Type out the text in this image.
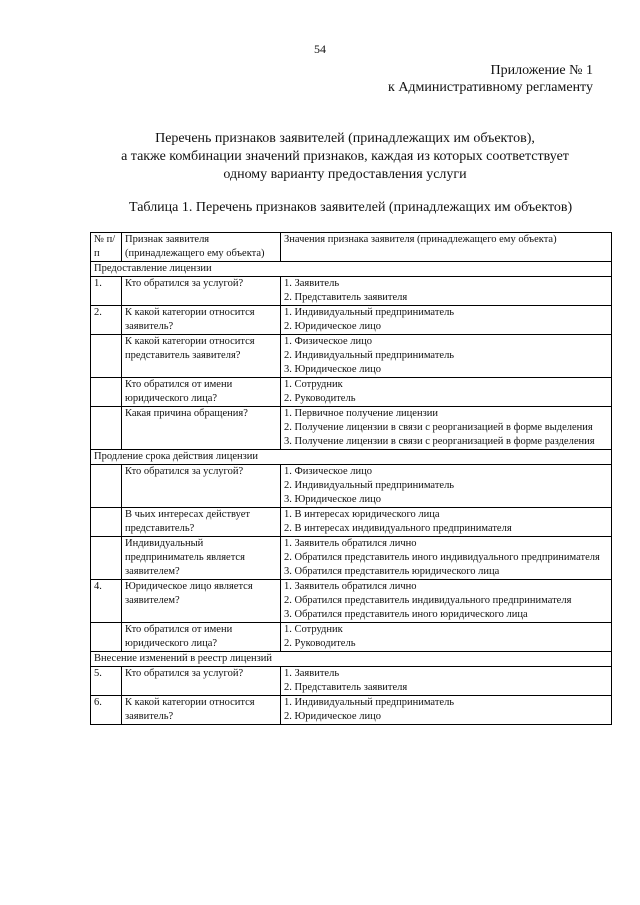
54
Приложение № 1
к Административному регламенту
Перечень признаков заявителей (принадлежащих им объектов),
а также комбинации значений признаков, каждая из которых соответствует
одному варианту предоставления услуги
Таблица 1. Перечень признаков заявителей (принадлежащих им объектов)
№ п/п	Признак заявителя (принадлежащего ему объекта)	Значения признака заявителя (принадлежащего ему объекта)
Предоставление лицензии		
1.	Кто обратился за услугой?	1. Заявитель
2. Представитель заявителя

2.	К какой категории относится заявитель?	1. Индивидуальный предприниматель
2. Юридическое лицо

	К какой категории относится представитель заявителя?	1. Физическое лицо
2. Индивидуальный предприниматель
3. Юридическое лицо

	Кто обратился от имени юридического лица?	1. Сотрудник
2. Руководитель

	Какая причина обращения?	1. Первичное получение лицензии
2. Получение лицензии в связи с реорганизацией в форме выделения
3. Получение лицензии в связи с реорганизацией в форме разделения

Продление срока действия лицензии		
	Кто обратился за услугой?	1. Физическое лицо
2. Индивидуальный предприниматель
3. Юридическое лицо

	В чьих интересах действует представитель?	1. В интересах юридического лица
2. В интересах индивидуального предпринимателя

	Индивидуальный предприниматель является заявителем?	1. Заявитель обратился лично
2. Обратился представитель иного индивидуального предпринимателя
3. Обратился представитель юридического лица

4.	Юридическое лицо является заявителем?	1. Заявитель обратился лично
2. Обратился представитель индивидуального предпринимателя
3. Обратился представитель иного юридического лица

	Кто обратился от имени юридического лица?	1. Сотрудник
2. Руководитель

Внесение изменений в реестр лицензий		
5.	Кто обратился за услугой?	1. Заявитель
2. Представитель заявителя

6.	К какой категории относится заявитель?	1. Индивидуальный предприниматель
2. Юридическое лицо
